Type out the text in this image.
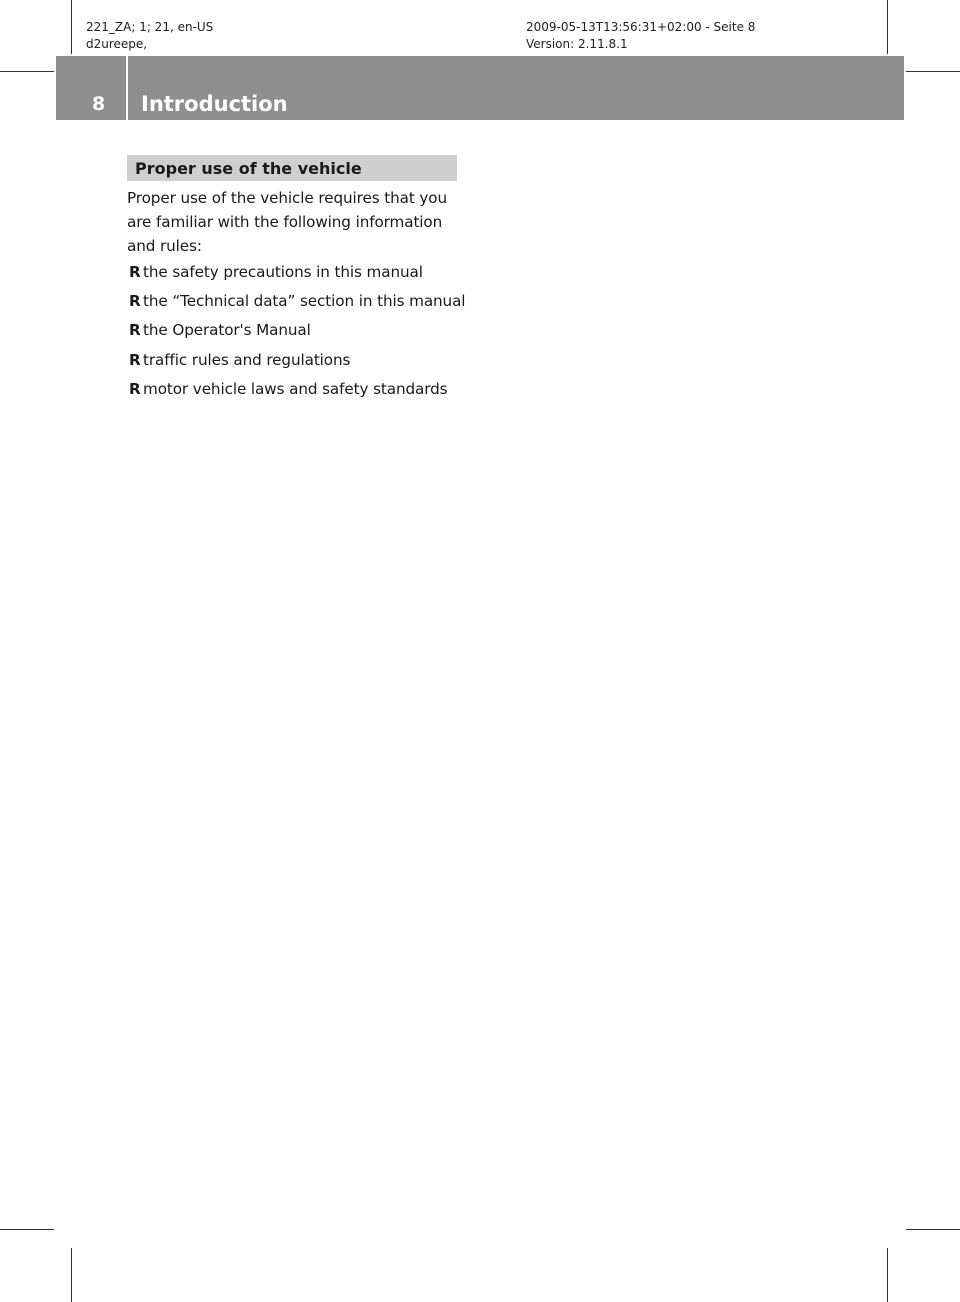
221_ZA; 1; 21, en-US
d2ureepe,
2009-05-13T13:56:31+02:00 - Seite 8
Version: 2.11.8.1
8	Introduction
Proper use of the vehicle
Proper use of the vehicle requires that you are familiar with the following information and rules:
R the safety precautions in this manual
R the “Technical data” section in this manual
R the Operator's Manual
R traffic rules and regulations
R motor vehicle laws and safety standards
